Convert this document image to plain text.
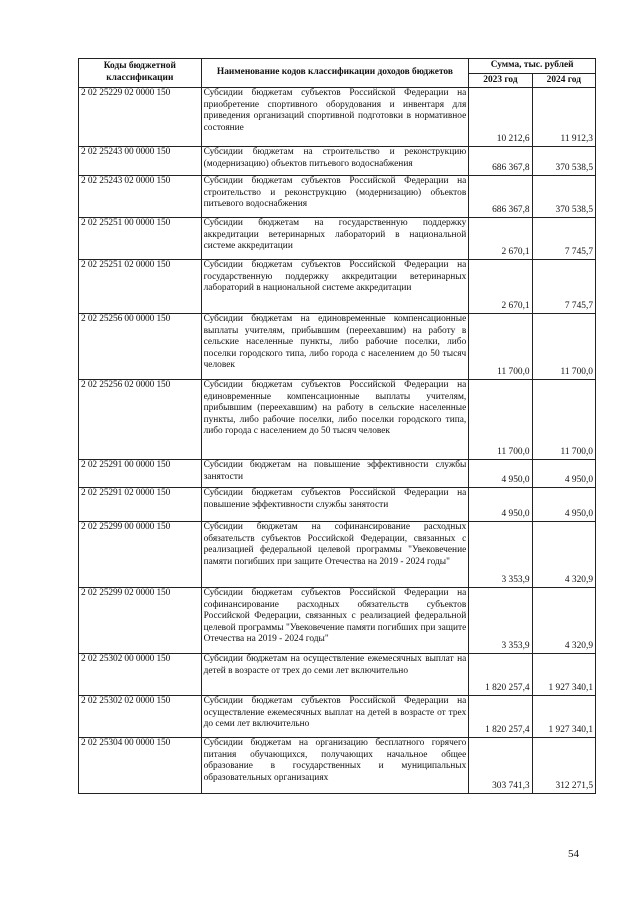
Коды бюджетной классификации	Наименование кодов классификации доходов бюджетов	Сумма, тыс. рублей	
		2023 год	2024 год
2 02 25229 02 0000 150	Субсидии бюджетам субъектов Российской Федерации на приобретение спортивного оборудования и инвентаря для приведения организаций спортивной подготовки в нормативное состояние	10 212,6	11 912,3
2 02 25243 00 0000 150	Субсидии бюджетам на строительство и реконструкцию (модернизацию) объектов питьевого водоснабжения	686 367,8	370 538,5
2 02 25243 02 0000 150	Субсидии бюджетам субъектов Российской Федерации на строительство и реконструкцию (модернизацию) объектов питьевого водоснабжения	686 367,8	370 538,5
2 02 25251 00 0000 150	Субсидии бюджетам на государственную поддержку аккредитации ветеринарных лабораторий в национальной системе аккредитации	2 670,1	7 745,7
2 02 25251 02 0000 150	Субсидии бюджетам субъектов Российской Федерации на государственную поддержку аккредитации ветеринарных лабораторий в национальной системе аккредитации	2 670,1	7 745,7
2 02 25256 00 0000 150	Субсидии бюджетам на единовременные компенсационные выплаты учителям, прибывшим (переехавшим) на работу в сельские населенные пункты, либо рабочие поселки, либо поселки городского типа, либо города с населением до 50 тысяч человек	11 700,0	11 700,0
2 02 25256 02 0000 150	Субсидии бюджетам субъектов Российской Федерации на единовременные компенсационные выплаты учителям, прибывшим (переехавшим) на работу в сельские населенные пункты, либо рабочие поселки, либо поселки городского типа, либо города с населением до 50 тысяч человек	11 700,0	11 700,0
2 02 25291 00 0000 150	Субсидии бюджетам на повышение эффективности службы занятости	4 950,0	4 950,0
2 02 25291 02 0000 150	Субсидии бюджетам субъектов Российской Федерации на повышение эффективности службы занятости	4 950,0	4 950,0
2 02 25299 00 0000 150	Субсидии бюджетам на софинансирование расходных обязательств субъектов Российской Федерации, связанных с реализацией федеральной целевой программы "Увековечение памяти погибших при защите Отечества на 2019 - 2024 годы"	3 353,9	4 320,9
2 02 25299 02 0000 150	Субсидии бюджетам субъектов Российской Федерации на софинансирование расходных обязательств субъектов Российской Федерации, связанных с реализацией федеральной целевой программы "Увековечение памяти погибших при защите Отечества на 2019 - 2024 годы"	3 353,9	4 320,9
2 02 25302 00 0000 150	Субсидии бюджетам на осуществление ежемесячных выплат на детей в возрасте от трех до семи лет включительно	1 820 257,4	1 927 340,1
2 02 25302 02 0000 150	Субсидии бюджетам субъектов Российской Федерации на осуществление ежемесячных выплат на детей в возрасте от трех до семи лет включительно	1 820 257,4	1 927 340,1
2 02 25304 00 0000 150	Субсидии бюджетам на организацию бесплатного горячего питания обучающихся, получающих начальное общее образование в государственных и муниципальных образовательных организациях	303 741,3	312 271,5
54
